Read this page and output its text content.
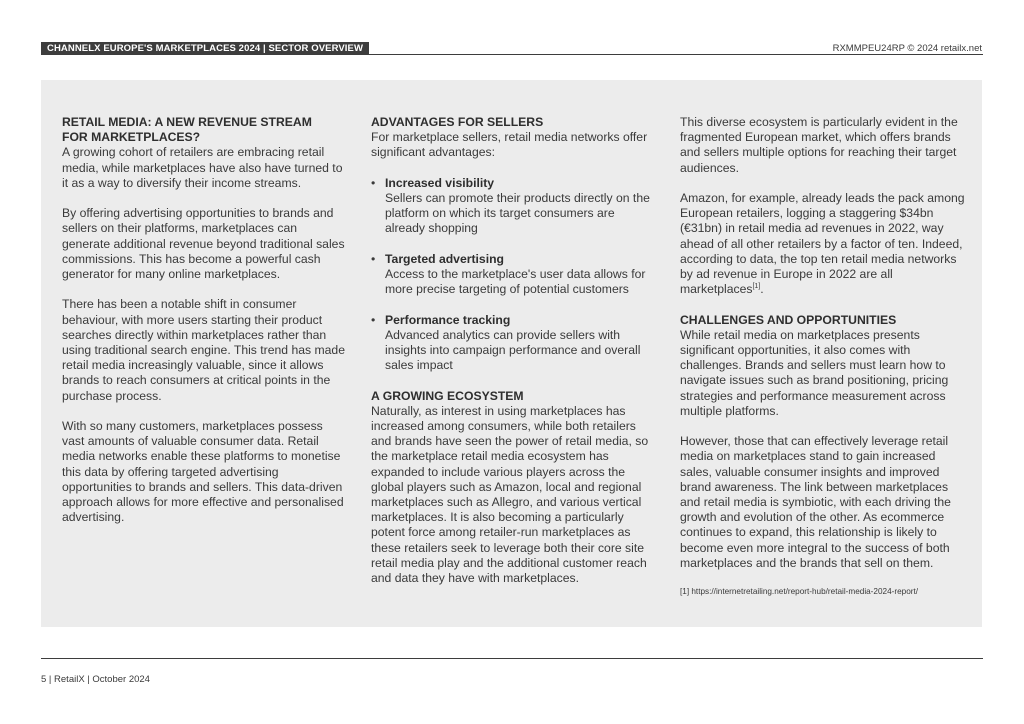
CHANNELX EUROPE'S MARKETPLACES 2024 | SECTOR OVERVIEW	RXMMPEU24RP © 2024 retailx.net
RETAIL MEDIA: A NEW REVENUE STREAM
FOR MARKETPLACES?

A growing cohort of retailers are embracing retail media, while marketplaces have also have turned to it as a way to diversify their income streams.

By offering advertising opportunities to brands and sellers on their platforms, marketplaces can generate additional revenue beyond traditional sales commissions. This has become a powerful cash generator for many online marketplaces.

There has been a notable shift in consumer behaviour, with more users starting their product searches directly within marketplaces rather than using traditional search engine. This trend has made retail media increasingly valuable, since it allows brands to reach consumers at critical points in the purchase process.

With so many customers, marketplaces possess vast amounts of valuable consumer data. Retail media networks enable these platforms to monetise this data by offering targeted advertising opportunities to brands and sellers. This data-driven approach allows for more effective and personalised advertising.

ADVANTAGES FOR SELLERS

For marketplace sellers, retail media networks offer significant advantages:

• Increased visibility
Sellers can promote their products directly on the platform on which its target consumers are already shopping
• Targeted advertising
Access to the marketplace's user data allows for more precise targeting of potential customers
• Performance tracking
Advanced analytics can provide sellers with insights into campaign performance and overall sales impact
A GROWING ECOSYSTEM

Naturally, as interest in using marketplaces has increased among consumers, while both retailers and brands have seen the power of retail media, so the marketplace retail media ecosystem has expanded to include various players across the global players such as Amazon, local and regional marketplaces such as Allegro, and various vertical marketplaces. It is also becoming a particularly potent force among retailer-run marketplaces as these retailers seek to leverage both their core site retail media play and the additional customer reach and data they have with marketplaces.

This diverse ecosystem is particularly evident in the fragmented European market, which offers brands and sellers multiple options for reaching their target audiences.

Amazon, for example, already leads the pack among European retailers, logging a staggering $34bn (€31bn) in retail media ad revenues in 2022, way ahead of all other retailers by a factor of ten. Indeed, according to data, the top ten retail media networks by ad revenue in Europe in 2022 are all marketplaces[1].

CHALLENGES AND OPPORTUNITIES

While retail media on marketplaces presents significant opportunities, it also comes with challenges. Brands and sellers must learn how to navigate issues such as brand positioning, pricing strategies and performance measurement across multiple platforms.

However, those that can effectively leverage retail media on marketplaces stand to gain increased sales, valuable consumer insights and improved brand awareness. The link between marketplaces and retail media is symbiotic, with each driving the growth and evolution of the other. As ecommerce continues to expand, this relationship is likely to become even more integral to the success of both marketplaces and the brands that sell on them.

[1] https://internetretailing.net/report-hub/retail-media-2024-report/
5 | RetailX | October 2024
